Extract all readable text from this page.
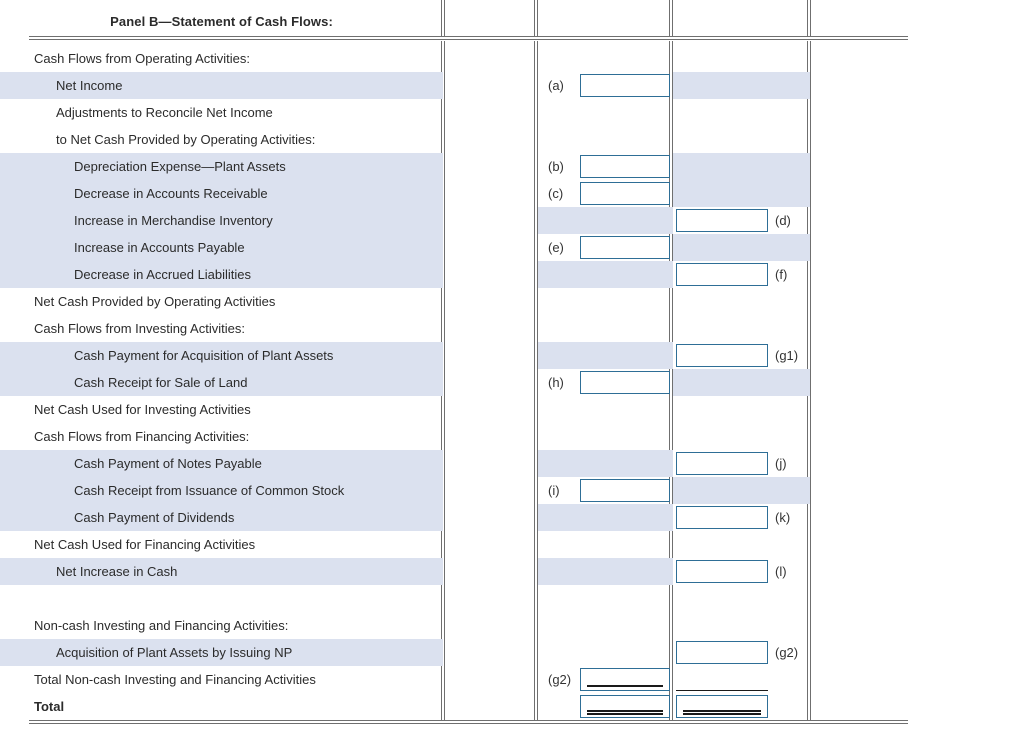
Panel B—Statement of Cash Flows:
Cash Flows from Operating Activities:
Net Income
Adjustments to Reconcile Net Income
to Net Cash Provided by Operating Activities:
Depreciation Expense—Plant Assets
Decrease in Accounts Receivable
Increase in Merchandise Inventory
Increase in Accounts Payable
Decrease in Accrued Liabilities
Net Cash Provided by Operating Activities
Cash Flows from Investing Activities:
Cash Payment for Acquisition of Plant Assets
Cash Receipt for Sale of Land
Net Cash Used for Investing Activities
Cash Flows from Financing Activities:
Cash Payment of Notes Payable
Cash Receipt from Issuance of Common Stock
Cash Payment of Dividends
Net Cash Used for Financing Activities
Net Increase in Cash
Non-cash Investing and Financing Activities:
Acquisition of Plant Assets by Issuing NP
Total Non-cash Investing and Financing Activities
Total
(a)
(b)
(c)
(e)
(h)
(i)
(g2)
(d)
(f)
(g1)
(j)
(k)
(l)
(g2)
